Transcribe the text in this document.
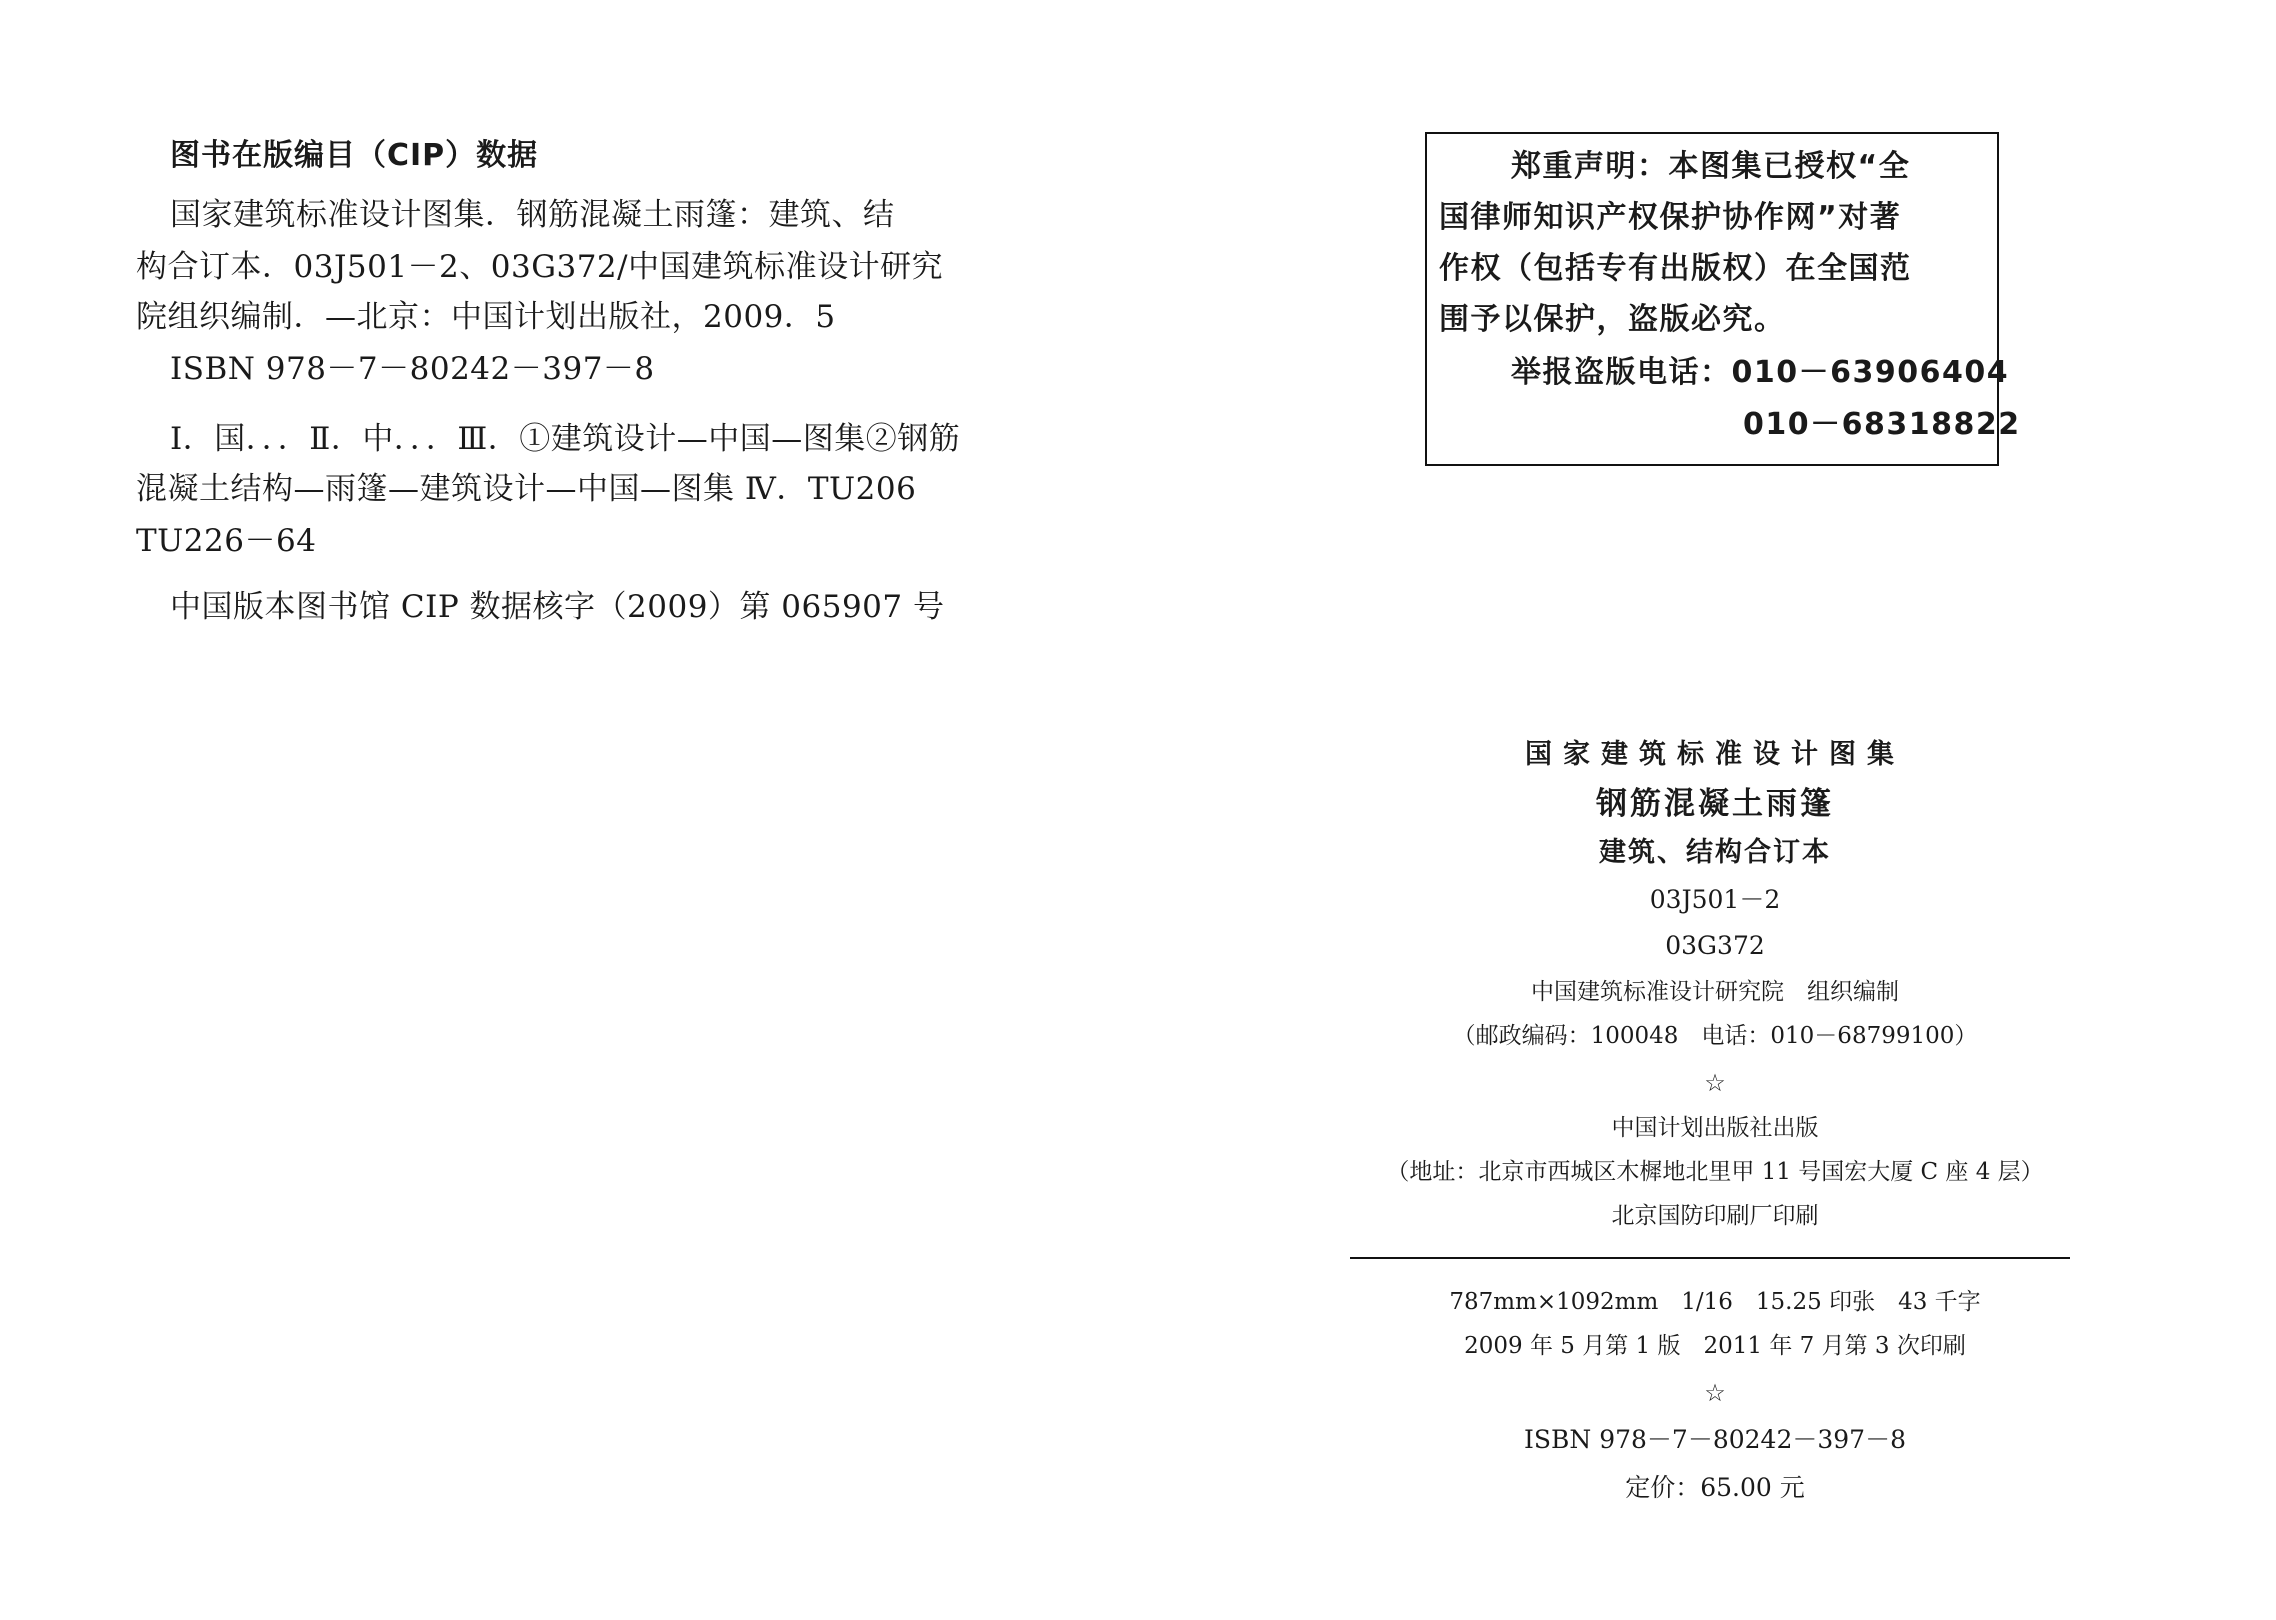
图书在版编目（CIP）数据
国家建筑标准设计图集．钢筋混凝土雨篷：建筑、结
构合订本．03J501－2、03G372/中国建筑标准设计研究
院组织编制．—北京：中国计划出版社，2009．5
ISBN 978－7－80242－397－8
Ⅰ．国．．．Ⅱ．中．．．Ⅲ．①建筑设计—中国—图集②钢筋
混凝土结构—雨篷—建筑设计—中国—图集 Ⅳ．TU206
TU226－64
中国版本图书馆 CIP 数据核字（2009）第 065907 号
郑重声明：本图集已授权“全
国律师知识产权保护协作网”对著
作权（包括专有出版权）在全国范
围予以保护，盗版必究。
举报盗版电话：010－63906404
010－68318822
国家建筑标准设计图集
钢筋混凝土雨篷
建筑、结构合订本
03J501－2
03G372
中国建筑标准设计研究院　组织编制
（邮政编码：100048　电话：010－68799100）
☆
中国计划出版社出版
（地址：北京市西城区木樨地北里甲 11 号国宏大厦 C 座 4 层）
北京国防印刷厂印刷
787mm×1092mm　1/16　15.25 印张　43 千字
2009 年 5 月第 1 版　2011 年 7 月第 3 次印刷
☆
ISBN 978－7－80242－397－8
定价：65.00 元
